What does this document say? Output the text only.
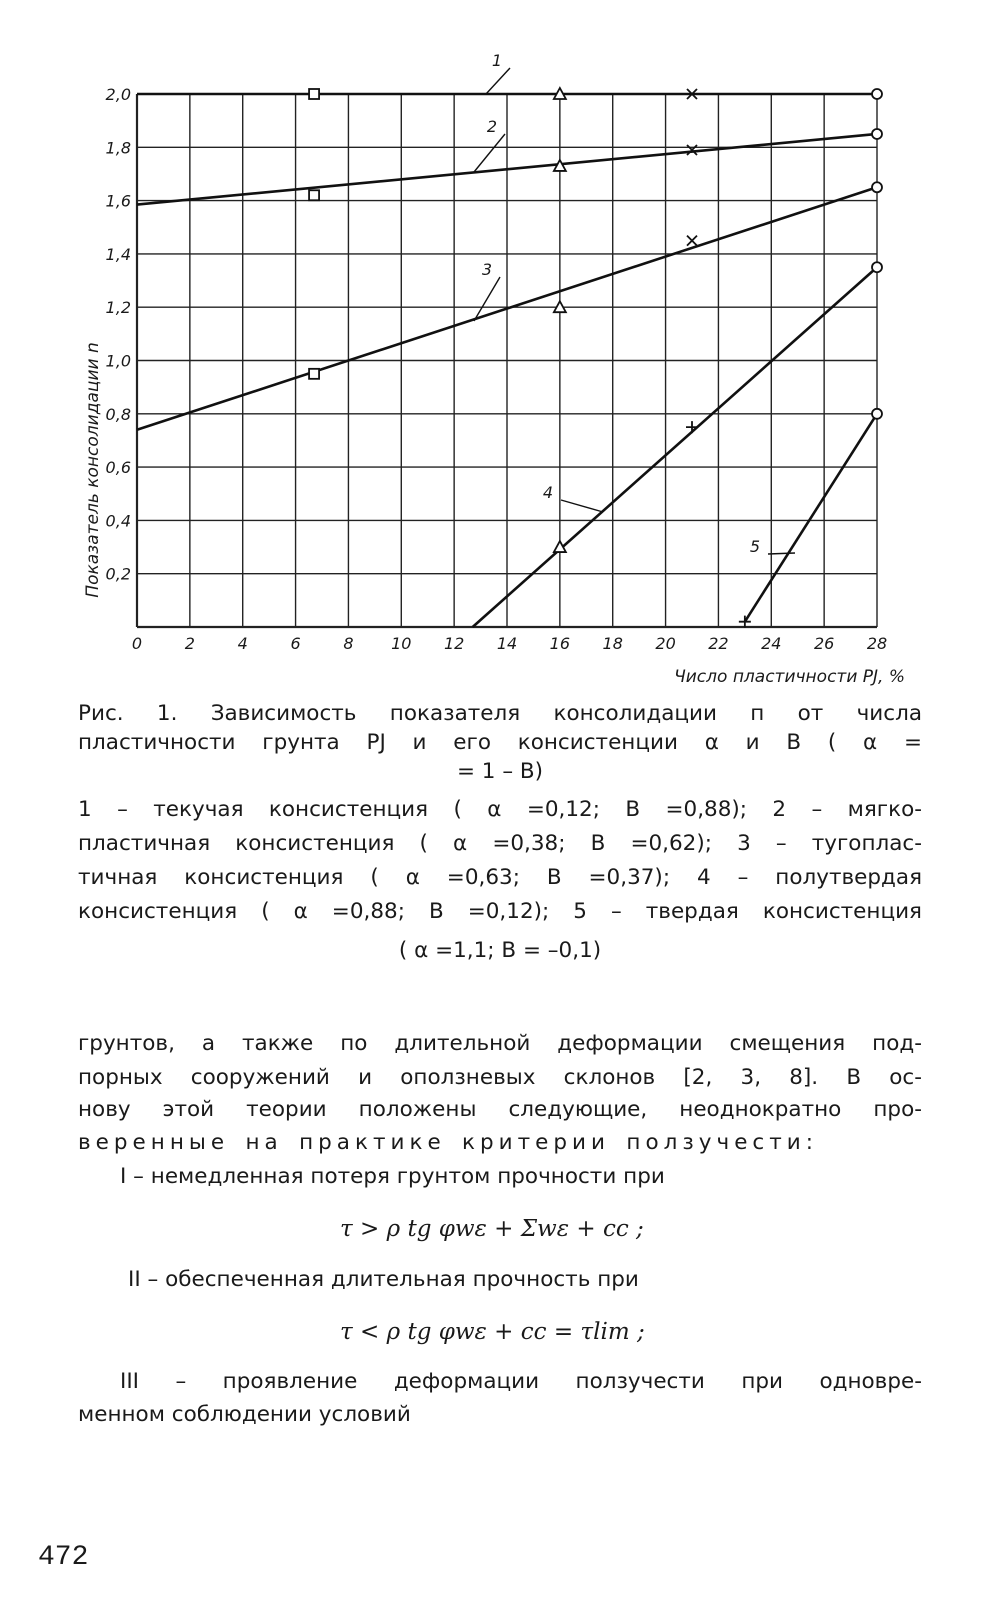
0	2	4	6	8 10 12 14 16 18 20 22 24 26 28
0,2
0,4
0,6
0,8
1,0
1,2
1,4
1,6
1,8
2,0
1
2
3
4
5
Число пластичности РЈ, %
Показатель консолидации n
Рис. 1. Зависимость показателя консолидации п от числа
пластичности грунта РЈ и его консистенции α и В ( α =
= 1 – В)
1 – текучая консистенция ( α =0,12; В =0,88); 2 – мягко-
пластичная консистенция ( α =0,38; В =0,62); 3 – тугоплас-
тичная консистенция ( α =0,63; В =0,37); 4 – полутвердая
консистенция ( α =0,88; В =0,12); 5 – твердая консистенция
( α =1,1; В = –0,1)
грунтов, а также по длительной деформации смещения под-
порных сооружений и оползневых склонов [2, 3, 8]. В ос-
нову этой теории положены следующие, неоднократно про-
веренные на практике критерии ползучести:
I – немедленная потеря грунтом прочности при
τ > ρ tg φwε + Σwε + cc ;
II – обеспеченная длительная прочность при
τ < ρ tg φwε + cc = τlim ;
III – проявление деформации ползучести при одновре-
менном соблюдении условий
472
